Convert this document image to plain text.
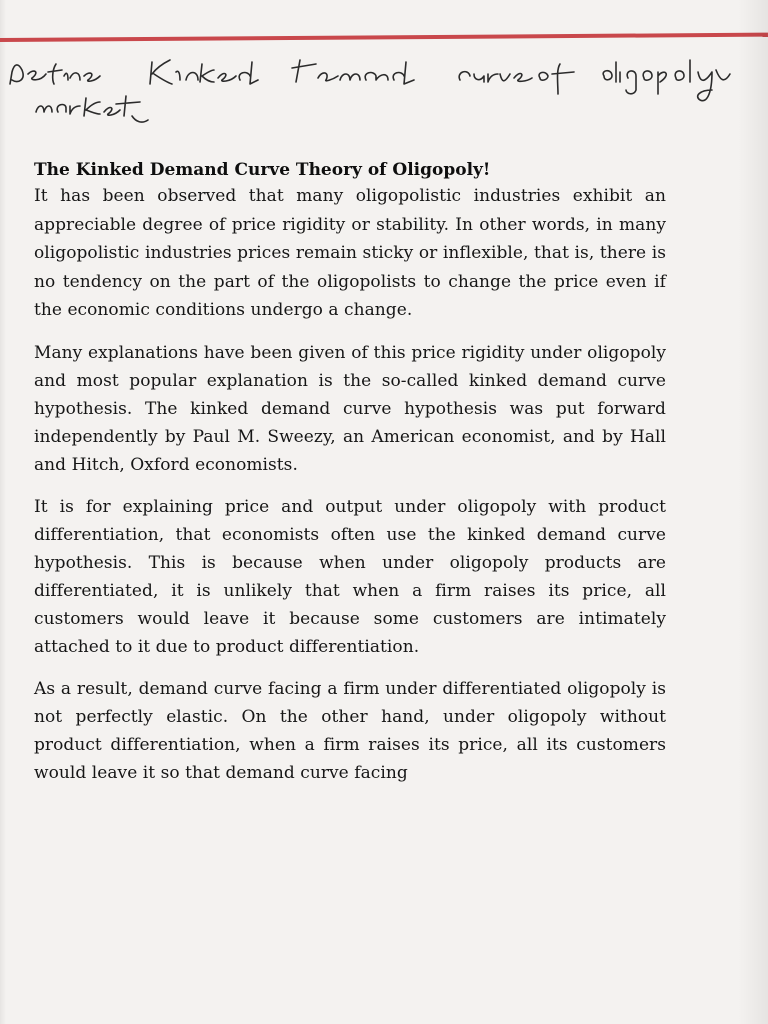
market
The Kinked Demand Curve Theory of Oligopoly!

It has been observed that many oligopolistic industries exhibit an appreciable degree of price rigidity or stability. In other words, in many oligopolistic industries prices remain sticky or inflexible, that is, there is no tendency on the part of the oligopolists to change the price even if the economic conditions undergo a change.

Many explanations have been given of this price rigidity under oligopoly and most popular explanation is the so-called kinked demand curve hypothesis. The kinked demand curve hypothesis was put forward independently by Paul M. Sweezy, an American economist, and by Hall and Hitch, Oxford economists.

It is for explaining price and output under oligopoly with product differentiation, that economists often use the kinked demand curve hypothesis. This is because when under oligopoly products are differentiated, it is unlikely that when a firm raises its price, all customers would leave it because some customers are intimately attached to it due to product differentiation.

As a result, demand curve facing a firm under differentiated oligopoly is not perfectly elastic. On the other hand, under oligopoly without product differentiation, when a firm raises its price, all its customers would leave it so that demand curve facing
